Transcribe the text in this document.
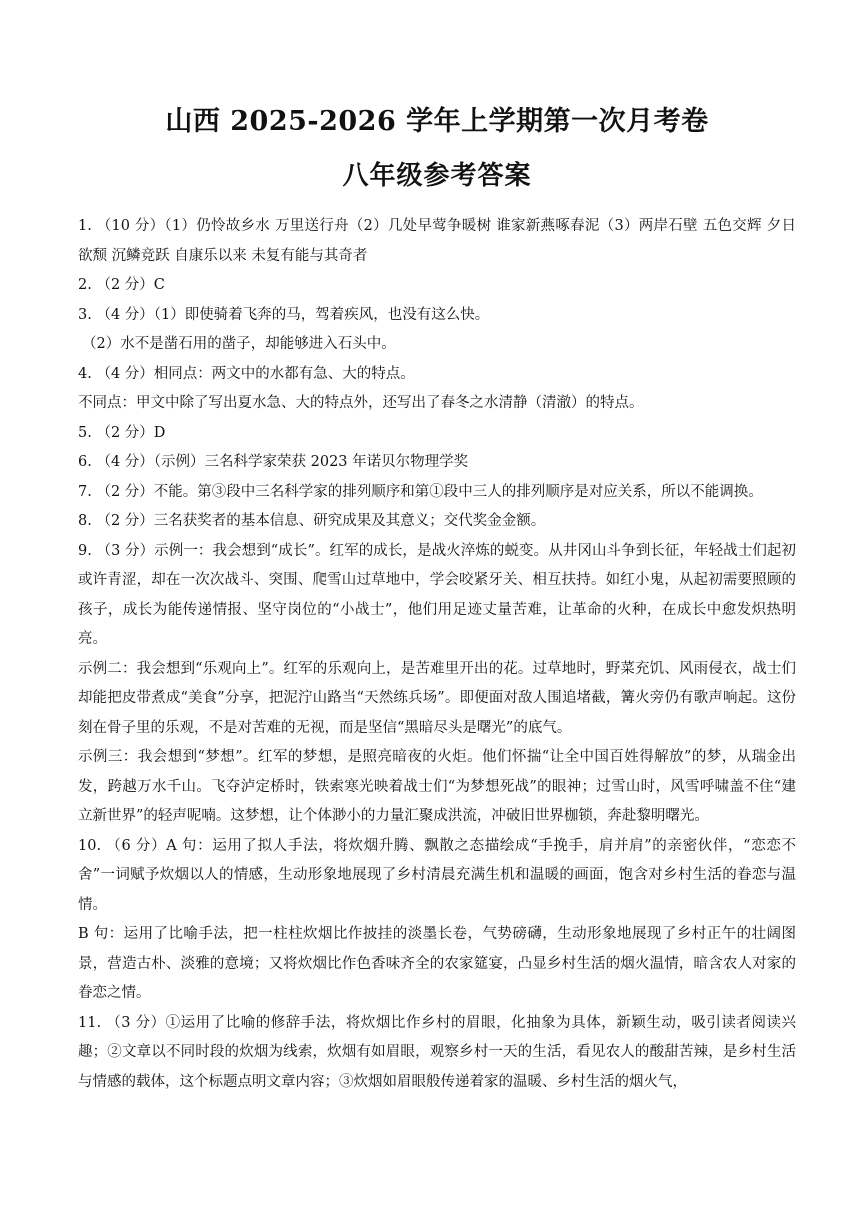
山西 2025-2026 学年上学期第一次月考卷
八年级参考答案

1. （10 分）（1）仍怜故乡水 万里送行舟（2）几处早莺争暖树 谁家新燕啄春泥（3）两岸石壁 五色交辉 夕日欲颓 沉鳞竞跃 自康乐以来 未复有能与其奇者

2. （2 分）C

3. （4 分）（1）即使骑着飞奔的马，驾着疾风，也没有这么快。

（2）水不是凿石用的凿子，却能够进入石头中。

4. （4 分）相同点：两文中的水都有急、大的特点。

不同点：甲文中除了写出夏水急、大的特点外，还写出了春冬之水清静（清澈）的特点。

5. （2 分）D

6. （4 分）（示例）三名科学家荣获 2023 年诺贝尔物理学奖

7. （2 分）不能。第③段中三名科学家的排列顺序和第①段中三人的排列顺序是对应关系，所以不能调换。

8. （2 分）三名获奖者的基本信息、研究成果及其意义；交代奖金金额。

9. （3 分）示例一：我会想到“成长”。红军的成长，是战火淬炼的蜕变。从井冈山斗争到长征，年轻战士们起初或许青涩，却在一次次战斗、突围、爬雪山过草地中，学会咬紧牙关、相互扶持。如红小鬼，从起初需要照顾的孩子，成长为能传递情报、坚守岗位的“小战士”，他们用足迹丈量苦难，让革命的火种，在成长中愈发炽热明亮。

示例二：我会想到“乐观向上”。红军的乐观向上，是苦难里开出的花。过草地时，野菜充饥、风雨侵衣，战士们却能把皮带煮成“美食”分享，把泥泞山路当“天然练兵场”。即便面对敌人围追堵截，篝火旁仍有歌声响起。这份刻在骨子里的乐观，不是对苦难的无视，而是坚信“黑暗尽头是曙光”的底气。

示例三：我会想到“梦想”。红军的梦想，是照亮暗夜的火炬。他们怀揣“让全中国百姓得解放”的梦，从瑞金出发，跨越万水千山。飞夺泸定桥时，铁索寒光映着战士们“为梦想死战”的眼神；过雪山时，风雪呼啸盖不住“建立新世界”的轻声呢喃。这梦想，让个体渺小的力量汇聚成洪流，冲破旧世界枷锁，奔赴黎明曙光。

10. （6 分）A 句：运用了拟人手法，将炊烟升腾、飘散之态描绘成“手挽手，肩并肩”的亲密伙伴，“恋恋不舍”一词赋予炊烟以人的情感，生动形象地展现了乡村清晨充满生机和温暖的画面，饱含对乡村生活的眷恋与温情。

B 句：运用了比喻手法，把一柱柱炊烟比作披挂的淡墨长卷，气势磅礴，生动形象地展现了乡村正午的壮阔图景，营造古朴、淡雅的意境；又将炊烟比作色香味齐全的农家筵宴，凸显乡村生活的烟火温情，暗含农人对家的眷恋之情。

11. （3 分）①运用了比喻的修辞手法，将炊烟比作乡村的眉眼，化抽象为具体，新颖生动，吸引读者阅读兴趣；②文章以不同时段的炊烟为线索，炊烟有如眉眼，观察乡村一天的生活，看见农人的酸甜苦辣，是乡村生活与情感的载体，这个标题点明文章内容；③炊烟如眉眼般传递着家的温暖、乡村生活的烟火气，
